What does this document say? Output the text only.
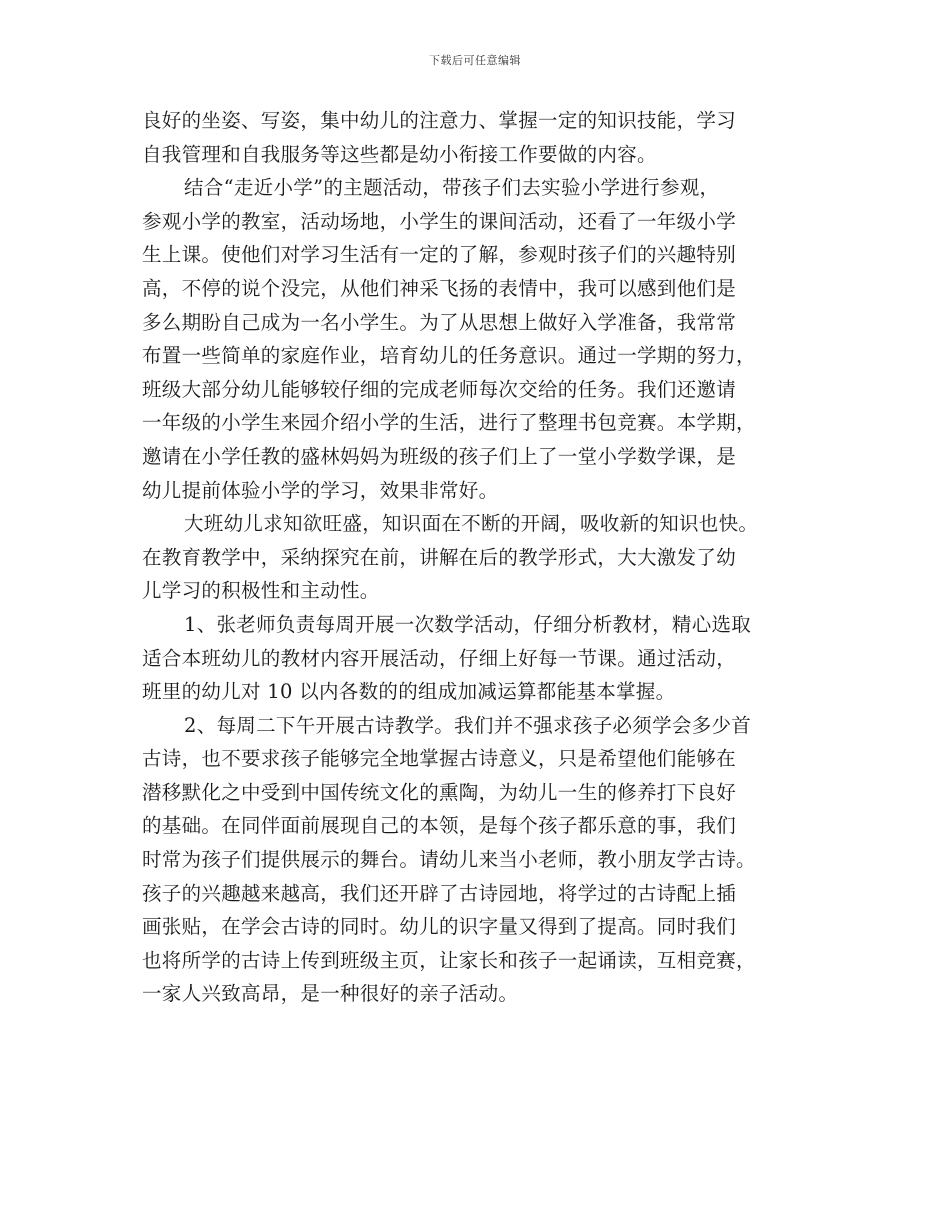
下载后可任意编辑
良好的坐姿、写姿，集中幼儿的注意力、掌握一定的知识技能，学习
自我管理和自我服务等这些都是幼小衔接工作要做的内容。
结合“走近小学”的主题活动，带孩子们去实验小学进行参观，
参观小学的教室，活动场地，小学生的课间活动，还看了一年级小学
生上课。使他们对学习生活有一定的了解，参观时孩子们的兴趣特别
高，不停的说个没完，从他们神采飞扬的表情中，我可以感到他们是
多么期盼自己成为一名小学生。为了从思想上做好入学准备，我常常
布置一些简单的家庭作业，培育幼儿的任务意识。通过一学期的努力，
班级大部分幼儿能够较仔细的完成老师每次交给的任务。我们还邀请
一年级的小学生来园介绍小学的生活，进行了整理书包竞赛。本学期，
邀请在小学任教的盛林妈妈为班级的孩子们上了一堂小学数学课，是
幼儿提前体验小学的学习，效果非常好。
大班幼儿求知欲旺盛，知识面在不断的开阔，吸收新的知识也快。
在教育教学中，采纳探究在前，讲解在后的教学形式，大大激发了幼
儿学习的积极性和主动性。
1、张老师负责每周开展一次数学活动，仔细分析教材，精心选取
适合本班幼儿的教材内容开展活动，仔细上好每一节课。通过活动，
班里的幼儿对 10 以内各数的的组成加减运算都能基本掌握。
2、每周二下午开展古诗教学。我们并不强求孩子必须学会多少首
古诗，也不要求孩子能够完全地掌握古诗意义，只是希望他们能够在
潜移默化之中受到中国传统文化的熏陶，为幼儿一生的修养打下良好
的基础。在同伴面前展现自己的本领，是每个孩子都乐意的事，我们
时常为孩子们提供展示的舞台。请幼儿来当小老师，教小朋友学古诗。
孩子的兴趣越来越高，我们还开辟了古诗园地，将学过的古诗配上插
画张贴，在学会古诗的同时。幼儿的识字量又得到了提高。同时我们
也将所学的古诗上传到班级主页，让家长和孩子一起诵读，互相竞赛，
一家人兴致高昂，是一种很好的亲子活动。
